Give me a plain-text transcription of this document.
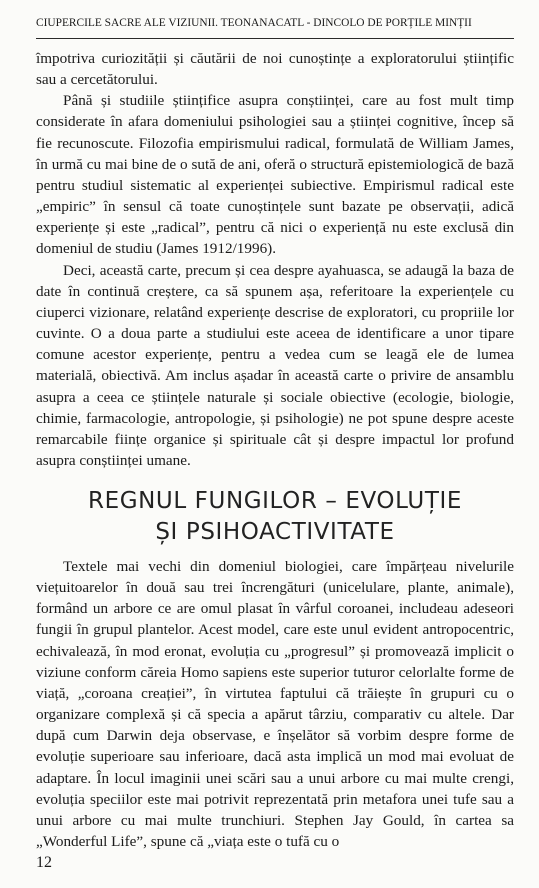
CIUPERCILE SACRE ALE VIZIUNII. TEONANACATL - DINCOLO DE PORȚILE MINȚII

împotriva curiozității și căutării de noi cunoștințe a exploratorului științific sau a cercetătorului.

Până și studiile științifice asupra conștiinței, care au fost mult timp considerate în afara domeniului psihologiei sau a științei cognitive, încep să fie recunoscute. Filozofia empirismului radical, formulată de William James, în urmă cu mai bine de o sută de ani, oferă o structură epistemiologică de bază pentru studiul sistematic al experienței subiective. Empirismul radical este „empiric” în sensul că toate cunoștințele sunt bazate pe observații, adică experiențe și este „radical”, pentru că nici o experiență nu este exclusă din domeniul de studiu (James 1912/1996).

Deci, această carte, precum și cea despre ayahuasca, se adaugă la baza de date în continuă creștere, ca să spunem așa, referitoare la experiențele cu ciuperci vizionare, relatând experiențe descrise de exploratori, cu propriile lor cuvinte. O a doua parte a studiului este aceea de identificare a unor tipare comune acestor experiențe, pentru a vedea cum se leagă ele de lumea materială, obiectivă. Am inclus așadar în această carte o privire de ansamblu asupra a ceea ce științele naturale și sociale obiective (ecologie, biologie, chimie, farmacologie, antropologie, și psihologie) ne pot spune despre aceste remarcabile ființe organice și spirituale cât și despre impactul lor profund asupra conștiinței umane.

REGNUL FUNGILOR – EVOLUȚIE
ȘI PSIHOACTIVITATE

Textele mai vechi din domeniul biologiei, care împărțeau nivelurile viețuitoarelor în două sau trei încrengături (unicelulare, plante, animale), formând un arbore ce are omul plasat în vârful coroanei, includeau adeseori fungii în grupul plantelor. Acest model, care este unul evident antropocentric, echivalează, în mod eronat, evoluția cu „progresul” și promovează implicit o viziune conform căreia Homo sapiens este superior tuturor celorlalte forme de viață, „coroana creației”, în virtutea faptului că trăiește în grupuri cu o organizare complexă și că specia a apărut târziu, comparativ cu altele. Dar după cum Darwin deja observase, e înșelător să vorbim despre forme de evoluție superioare sau inferioare, dacă asta implică un mod mai evoluat de adaptare. În locul imaginii unei scări sau a unui arbore cu mai multe crengi, evoluția speciilor este mai potrivit reprezentată prin metafora unei tufe sau a unui arbore cu mai multe trunchiuri. Stephen Jay Gould, în cartea sa „Wonderful Life”, spune că „viața este o tufă cu o

12
